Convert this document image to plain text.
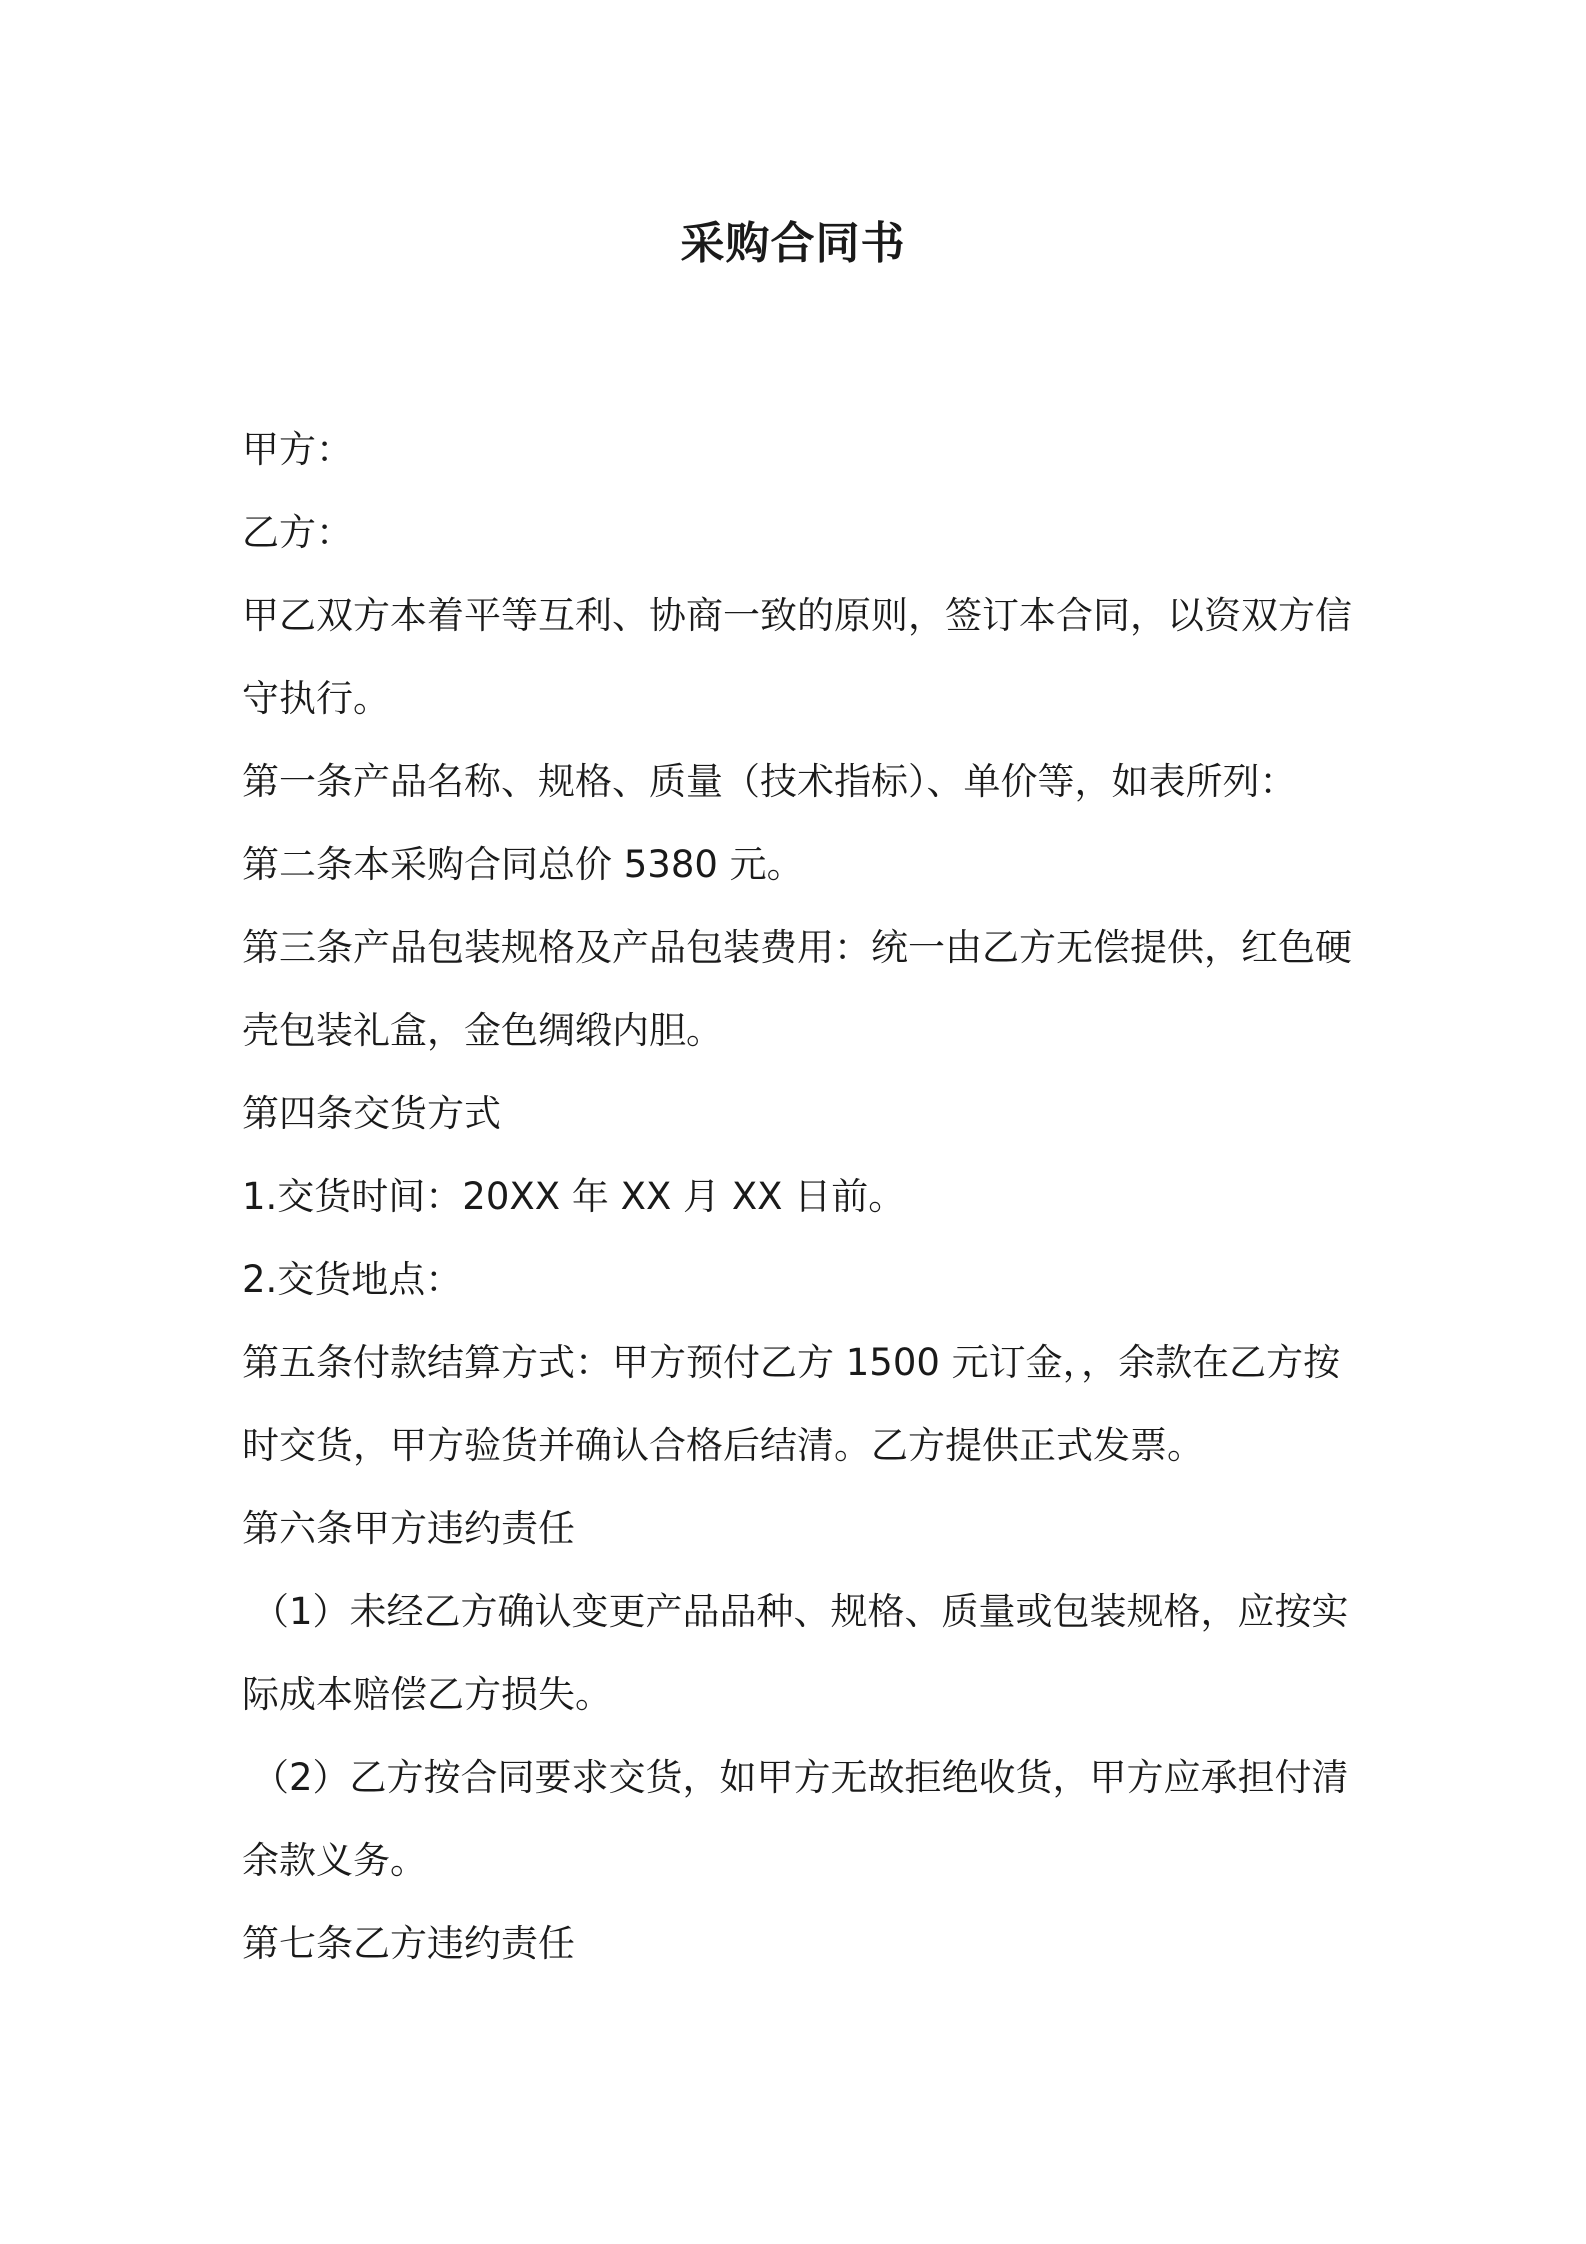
采购合同书
甲方：
乙方：
甲乙双方本着平等互利、协商一致的原则，签订本合同，以资双方信
守执行。
第一条产品名称、规格、质量（技术指标）、单价等，如表所列：
第二条本采购合同总价 5380 元。
第三条产品包装规格及产品包装费用：统一由乙方无偿提供，红色硬
壳包装礼盒，金色绸缎内胆。
第四条交货方式
1.交货时间：20XX 年 XX 月 XX 日前。
2.交货地点：
第五条付款结算方式：甲方预付乙方 1500 元订金，，余款在乙方按
时交货，甲方验货并确认合格后结清。乙方提供正式发票。
第六条甲方违约责任
（1）未经乙方确认变更产品品种、规格、质量或包装规格，应按实
际成本赔偿乙方损失。
（2）乙方按合同要求交货，如甲方无故拒绝收货，甲方应承担付清
余款义务。
第七条乙方违约责任
